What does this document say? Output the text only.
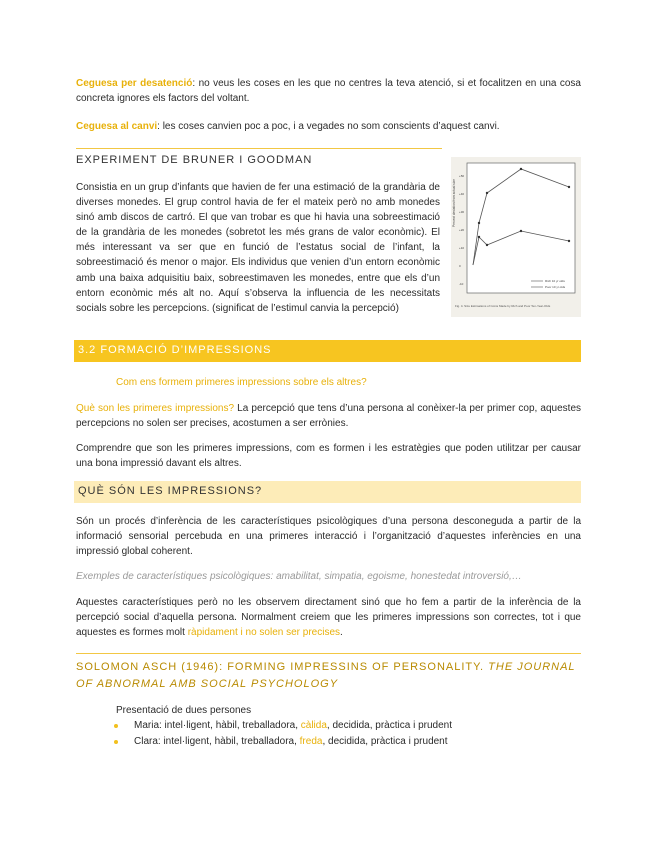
Ceguesa per desatenció: no veus les coses en les que no centres la teva atenció, si et focalitzen en una cosa concreta ignores els factors del voltant.

Ceguesa al canvi: les coses canvien poc a poc, i a vegades no som conscients d’aquest canvi.

EXPERIMENT DE BRUNER I GOODMAN

Consistia en un grup d’infants que havien de fer una estimació de la grandària de diverses monedes. El grup control havia de fer el mateix però no amb monedes sinó amb discos de cartró. El que van trobar es que hi havia una sobreestimació de la grandària de les monedes (sobretot les més grans de valor econòmic). El més interessant va ser que en funció de l’estatus social de l’infant, la sobreestimació és menor o major. Els individus que venien d’un entorn econòmic amb una baixa adquisitiu baix, sobreestimaven les monedes, entre que els d’un entorn econòmic més alt no. Aquí s’observa la influencia de les necessitats socials sobre les percepcions. (significat de l’estimul canvia la percepció)

Percent deviation from actual size
+50
+40
+30
+20
+10
0
-10
Rich 10 yr olds
Poor 10 yr olds
Fig. 4. Size Estimations of Coins Made by Rich and Poor Ten-Year-Olds
3.2 FORMACIÓ D’IMPRESSIONS

Com ens formem primeres impressions sobre els altres?

Què son les primeres impressions? La percepció que tens d’una persona al conèixer-la per primer cop, aquestes percepcions no solen ser precises, acostumen a ser errònies.

Comprendre que son les primeres impressions, com es formen i les estratègies que poden utilitzar per causar una bona impressió davant els altres.

QUÈ SÓN LES IMPRESSIONS?

Són un procés d’inferència de les característiques psicològiques d’una persona desconeguda a partir de la informació sensorial percebuda en una primeres interacció i l’organització d’aquestes inferències en una impressió global coherent.

Exemples de característiques psicològiques: amabilitat, simpatia, egoisme, honestedat introversió,…

Aquestes característiques però no les observem directament sinó que ho fem a partir de la inferència de la percepció social d’aquella persona. Normalment creiem que les primeres impressions son correctes, tot i que aquestes es formes molt ràpidament i no solen ser precises.

SOLOMON ASCH (1946): FORMING IMPRESSINS OF PERSONALITY. THE JOURNAL OF ABNORMAL AMB SOCIAL PSYCHOLOGY

Presentació de dues persones

Maria: intel·ligent, hàbil, treballadora, càlida, decidida, pràctica i prudent
Clara: intel·ligent, hàbil, treballadora, freda, decidida, pràctica i prudent
